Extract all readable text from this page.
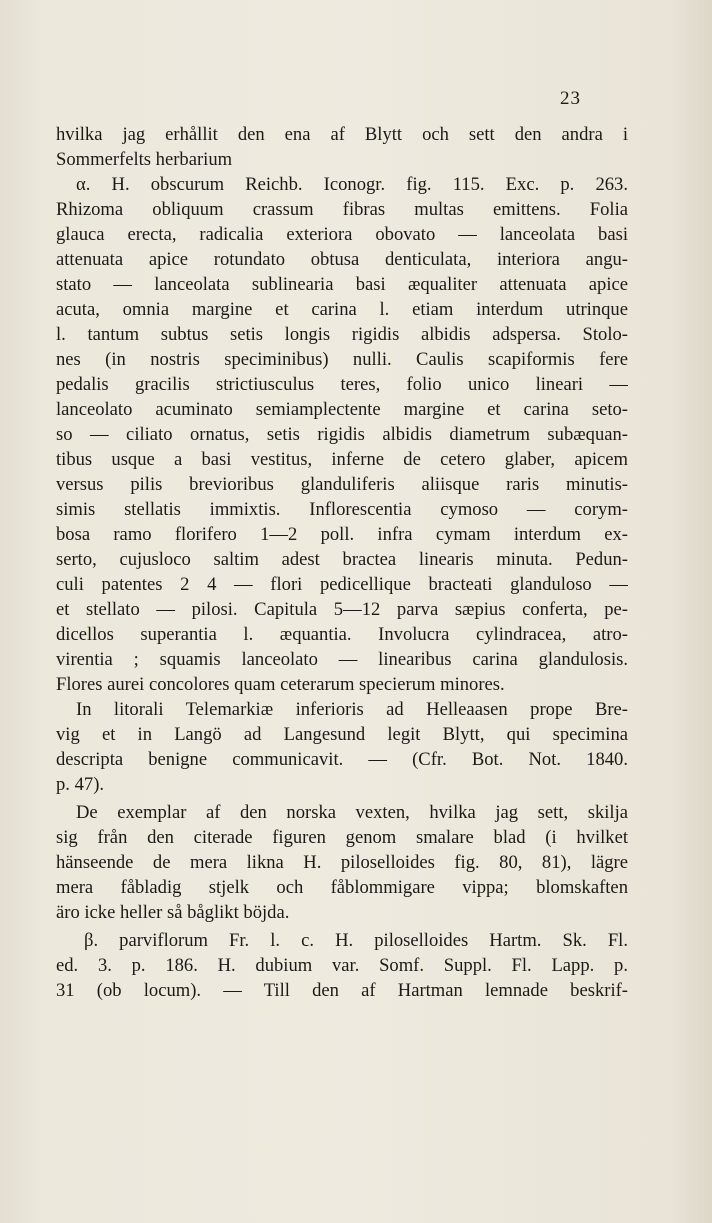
23
hvilka jag erhållit den ena af Blytt och sett den andra i
Sommerfelts herbarium
α. H. obscurum Reichb. Iconogr. fig. 115. Exc. p. 263.
Rhizoma obliquum crassum fibras multas emittens. Folia
glauca erecta, radicalia exteriora obovato — lanceolata basi
attenuata apice rotundato obtusa denticulata, interiora angu-
stato — lanceolata sublinearia basi æqualiter attenuata apice
acuta, omnia margine et carina l. etiam interdum utrinque
l. tantum subtus setis longis rigidis albidis adspersa. Stolo-
nes (in nostris speciminibus) nulli. Caulis scapiformis fere
pedalis gracilis strictiusculus teres, folio unico lineari —
lanceolato acuminato semiamplectente margine et carina seto-
so — ciliato ornatus, setis rigidis albidis diametrum subæquan-
tibus usque a basi vestitus, inferne de cetero glaber, apicem
versus pilis brevioribus glanduliferis aliisque raris minutis-
simis stellatis immixtis. Inflorescentia cymoso — corym-
bosa ramo florifero 1—2 poll. infra cymam interdum ex-
serto, cujusloco saltim adest bractea linearis minuta. Pedun-
culi patentes 2 4 — flori pedicellique bracteati glanduloso —
et stellato — pilosi. Capitula 5—12 parva sæpius conferta, pe-
dicellos superantia l. æquantia. Involucra cylindracea, atro-
virentia ; squamis lanceolato — linearibus carina glandulosis.
Flores aurei concolores quam ceterarum specierum minores.
In litorali Telemarkiæ inferioris ad Helleaasen prope Bre-
vig et in Langö ad Langesund legit Blytt, qui specimina
descripta benigne communicavit. — (Cfr. Bot. Not. 1840.
p. 47).
De exemplar af den norska vexten, hvilka jag sett, skilja
sig från den citerade figuren genom smalare blad (i hvilket
hänseende de mera likna H. piloselloides fig. 80, 81), lägre
mera fåbladig stjelk och fåblommigare vippa; blomskaften
äro icke heller så båglikt böjda.
β. parviflorum Fr. l. c. H. piloselloides Hartm. Sk. Fl.
ed. 3. p. 186. H. dubium var. Somf. Suppl. Fl. Lapp. p.
31 (ob locum). — Till den af Hartman lemnade beskrif-
